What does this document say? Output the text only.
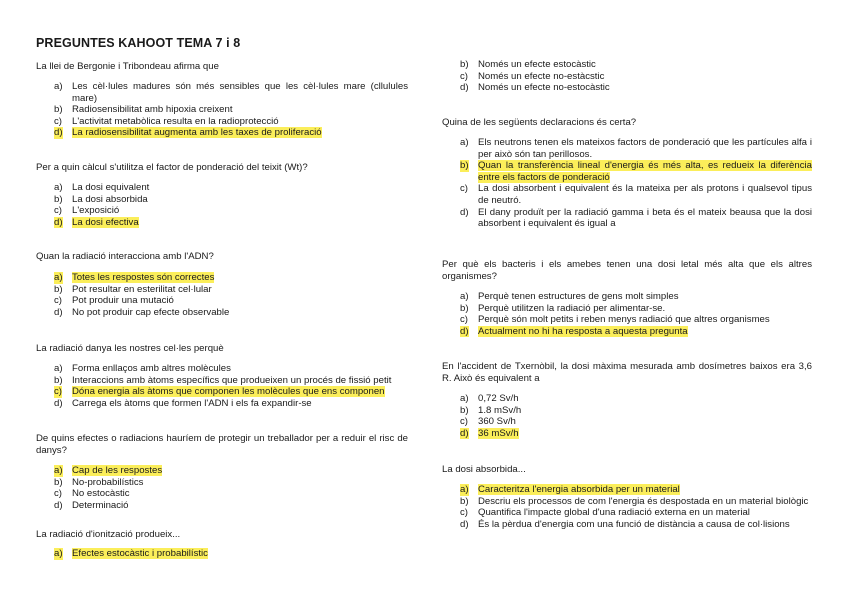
PREGUNTES KAHOOT TEMA 7 i 8
La llei de Bergonie i Tribondeau afirma que
a) Les cèl·lules madures són més sensibles que les cèl·lules mare (cllulules mare)
b) Radiosensibilitat amb hipoxia creixent
c) L'activitat metabòlica resulta en la radioprotecció
d) La radiosensibilitat augmenta amb les taxes de proliferació
Per a quin càlcul s'utilitza el factor de ponderació del teixit (Wt)?
a) La dosi equivalent
b) La dosi absorbida
c) L'exposició
d) La dosi efectiva
Quan la radiació interacciona amb l'ADN?
a) Totes les respostes són correctes
b) Pot resultar en esterilitat cel·lular
c) Pot produir una mutació
d) No pot produir cap efecte observable
La radiació danya les nostres cel·les perquè
a) Forma enllaços amb altres molècules
b) Interaccions amb àtoms específics que produeixen un procés de fissió petit
c) Dóna energia als àtoms que componen les molècules que ens componen
d) Carrega els àtoms que formen l'ADN i els fa expandir-se
De quins efectes o radiacions hauríem de protegir un treballador per a reduir el risc de danys?
a) Cap de les respostes
b) No-probabilístics
c) No estocàstic
d) Determinació
La radiació d'ionització produeix...
a) Efectes estocàstic i probabilístic
b) Només un efecte estocàstic
c) Només un efecte no-estàcstic
d) Només un efecte no-estocàstic
Quina de les següents declaracions és certa?
a) Els neutrons tenen els mateixos factors de ponderació que les partícules alfa i per això són tan perillosos.
b) Quan la transferència lineal d'energia és més alta, es redueix la diferència entre els factors de ponderació
c) La dosi absorbent i equivalent és la mateixa per als protons i qualsevol tipus de neutró.
d) El dany produït per la radiació gamma i beta és el mateix beausa que la dosi absorbent i equivalent és igual a
Per què els bacteris i els amebes tenen una dosi letal més alta que els altres organismes?
a) Perquè tenen estructures de gens molt simples
b) Perquè utilitzen la radiació per alimentar-se.
c) Perquè són molt petits i reben menys radiació que altres organismes
d) Actualment no hi ha resposta a aquesta pregunta
En l'accident de Txernòbil, la dosi màxima mesurada amb dosímetres baixos era 3,6 R. Això és equivalent a
a) 0,72 Sv/h
b) 1.8 mSv/h
c) 360 Sv/h
d) 36 mSv/h
La dosi absorbida...
a) Caracteritza l'energia absorbida per un material
b) Descriu els processos de com l'energia és despostada en un material biològic
c) Quantifica l'impacte global d'una radiació externa en un material
d) És la pèrdua d'energia com una funció de distància a causa de col·lisions
